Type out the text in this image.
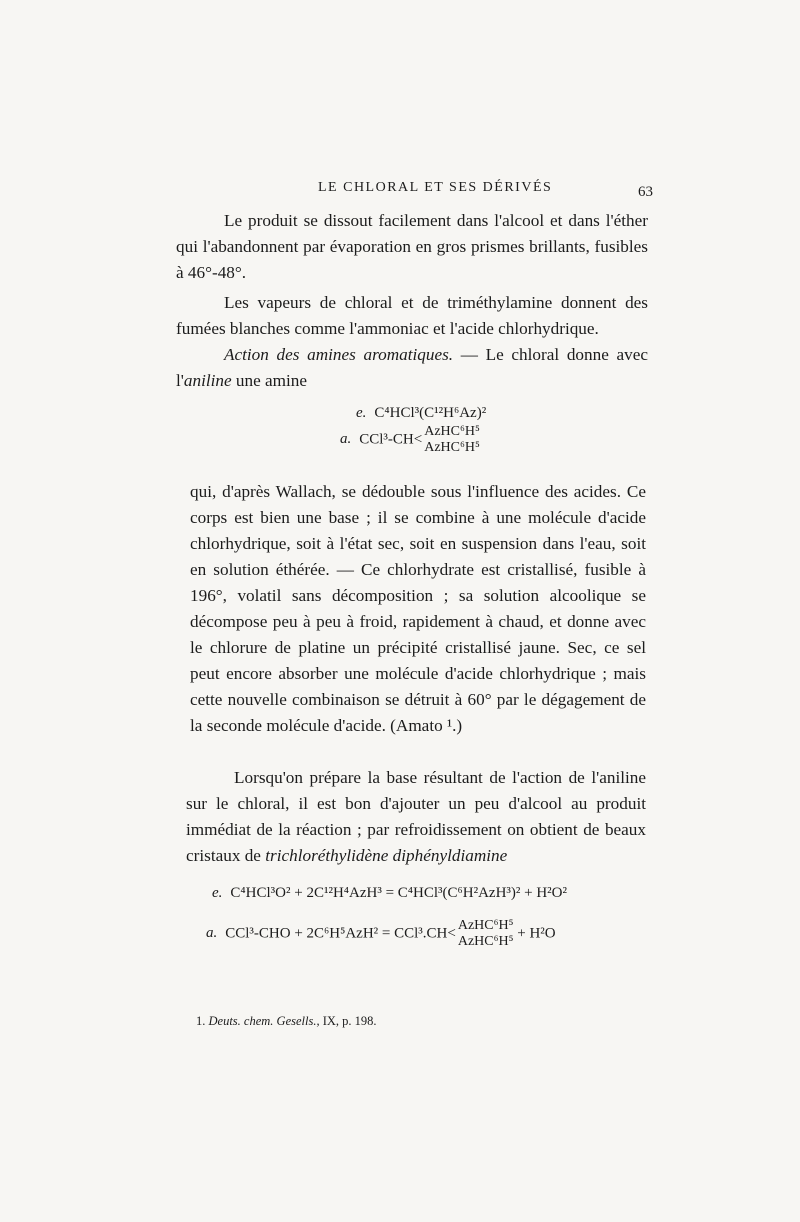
LE CHLORAL ET SES DÉRIVÉS	63

Le produit se dissout facilement dans l'alcool et dans l'éther qui l'abandonnent par évaporation en gros prismes brillants, fusibles à 46°-48°.

Les vapeurs de chloral et de triméthylamine donnent des fumées blanches comme l'ammoniac et l'acide chlorhydrique.

Action des amines aromatiques. — Le chloral donne avec l'aniline une amine

e. C⁴HCl³(C¹²H⁶Az)²
a. CCl³-CH< AzHC⁶H⁵
AzHC⁶H⁵

qui, d'après Wallach, se dédouble sous l'influence des acides. Ce corps est bien une base ; il se combine à une molécule d'acide chlorhydrique, soit à l'état sec, soit en suspension dans l'eau, soit en solution éthérée. — Ce chlorhydrate est cristallisé, fusible à 196°, volatil sans décomposition ; sa solution alcoolique se décompose peu à peu à froid, rapidement à chaud, et donne avec le chlorure de platine un précipité cristallisé jaune. Sec, ce sel peut encore absorber une molécule d'acide chlorhydrique ; mais cette nouvelle combinaison se détruit à 60° par le dégagement de la seconde molécule d'acide. (Amato ¹.)

Lorsqu'on prépare la base résultant de l'action de l'aniline sur le chloral, il est bon d'ajouter un peu d'alcool au produit immédiat de la réaction ; par refroidissement on obtient de beaux cristaux de trichloréthylidène diphényldiamine

e. C⁴HCl³O² + 2C¹²H⁴AzH³ = C⁴HCl³(C⁶H²AzH³)² + H²O²
a. CCl³-CHO + 2C⁶H⁵AzH² = CCl³.CH< AzHC⁶H⁵
AzHC⁶H⁵
+ H²O
1. Deuts. chem. Gesells., IX, p. 198.
